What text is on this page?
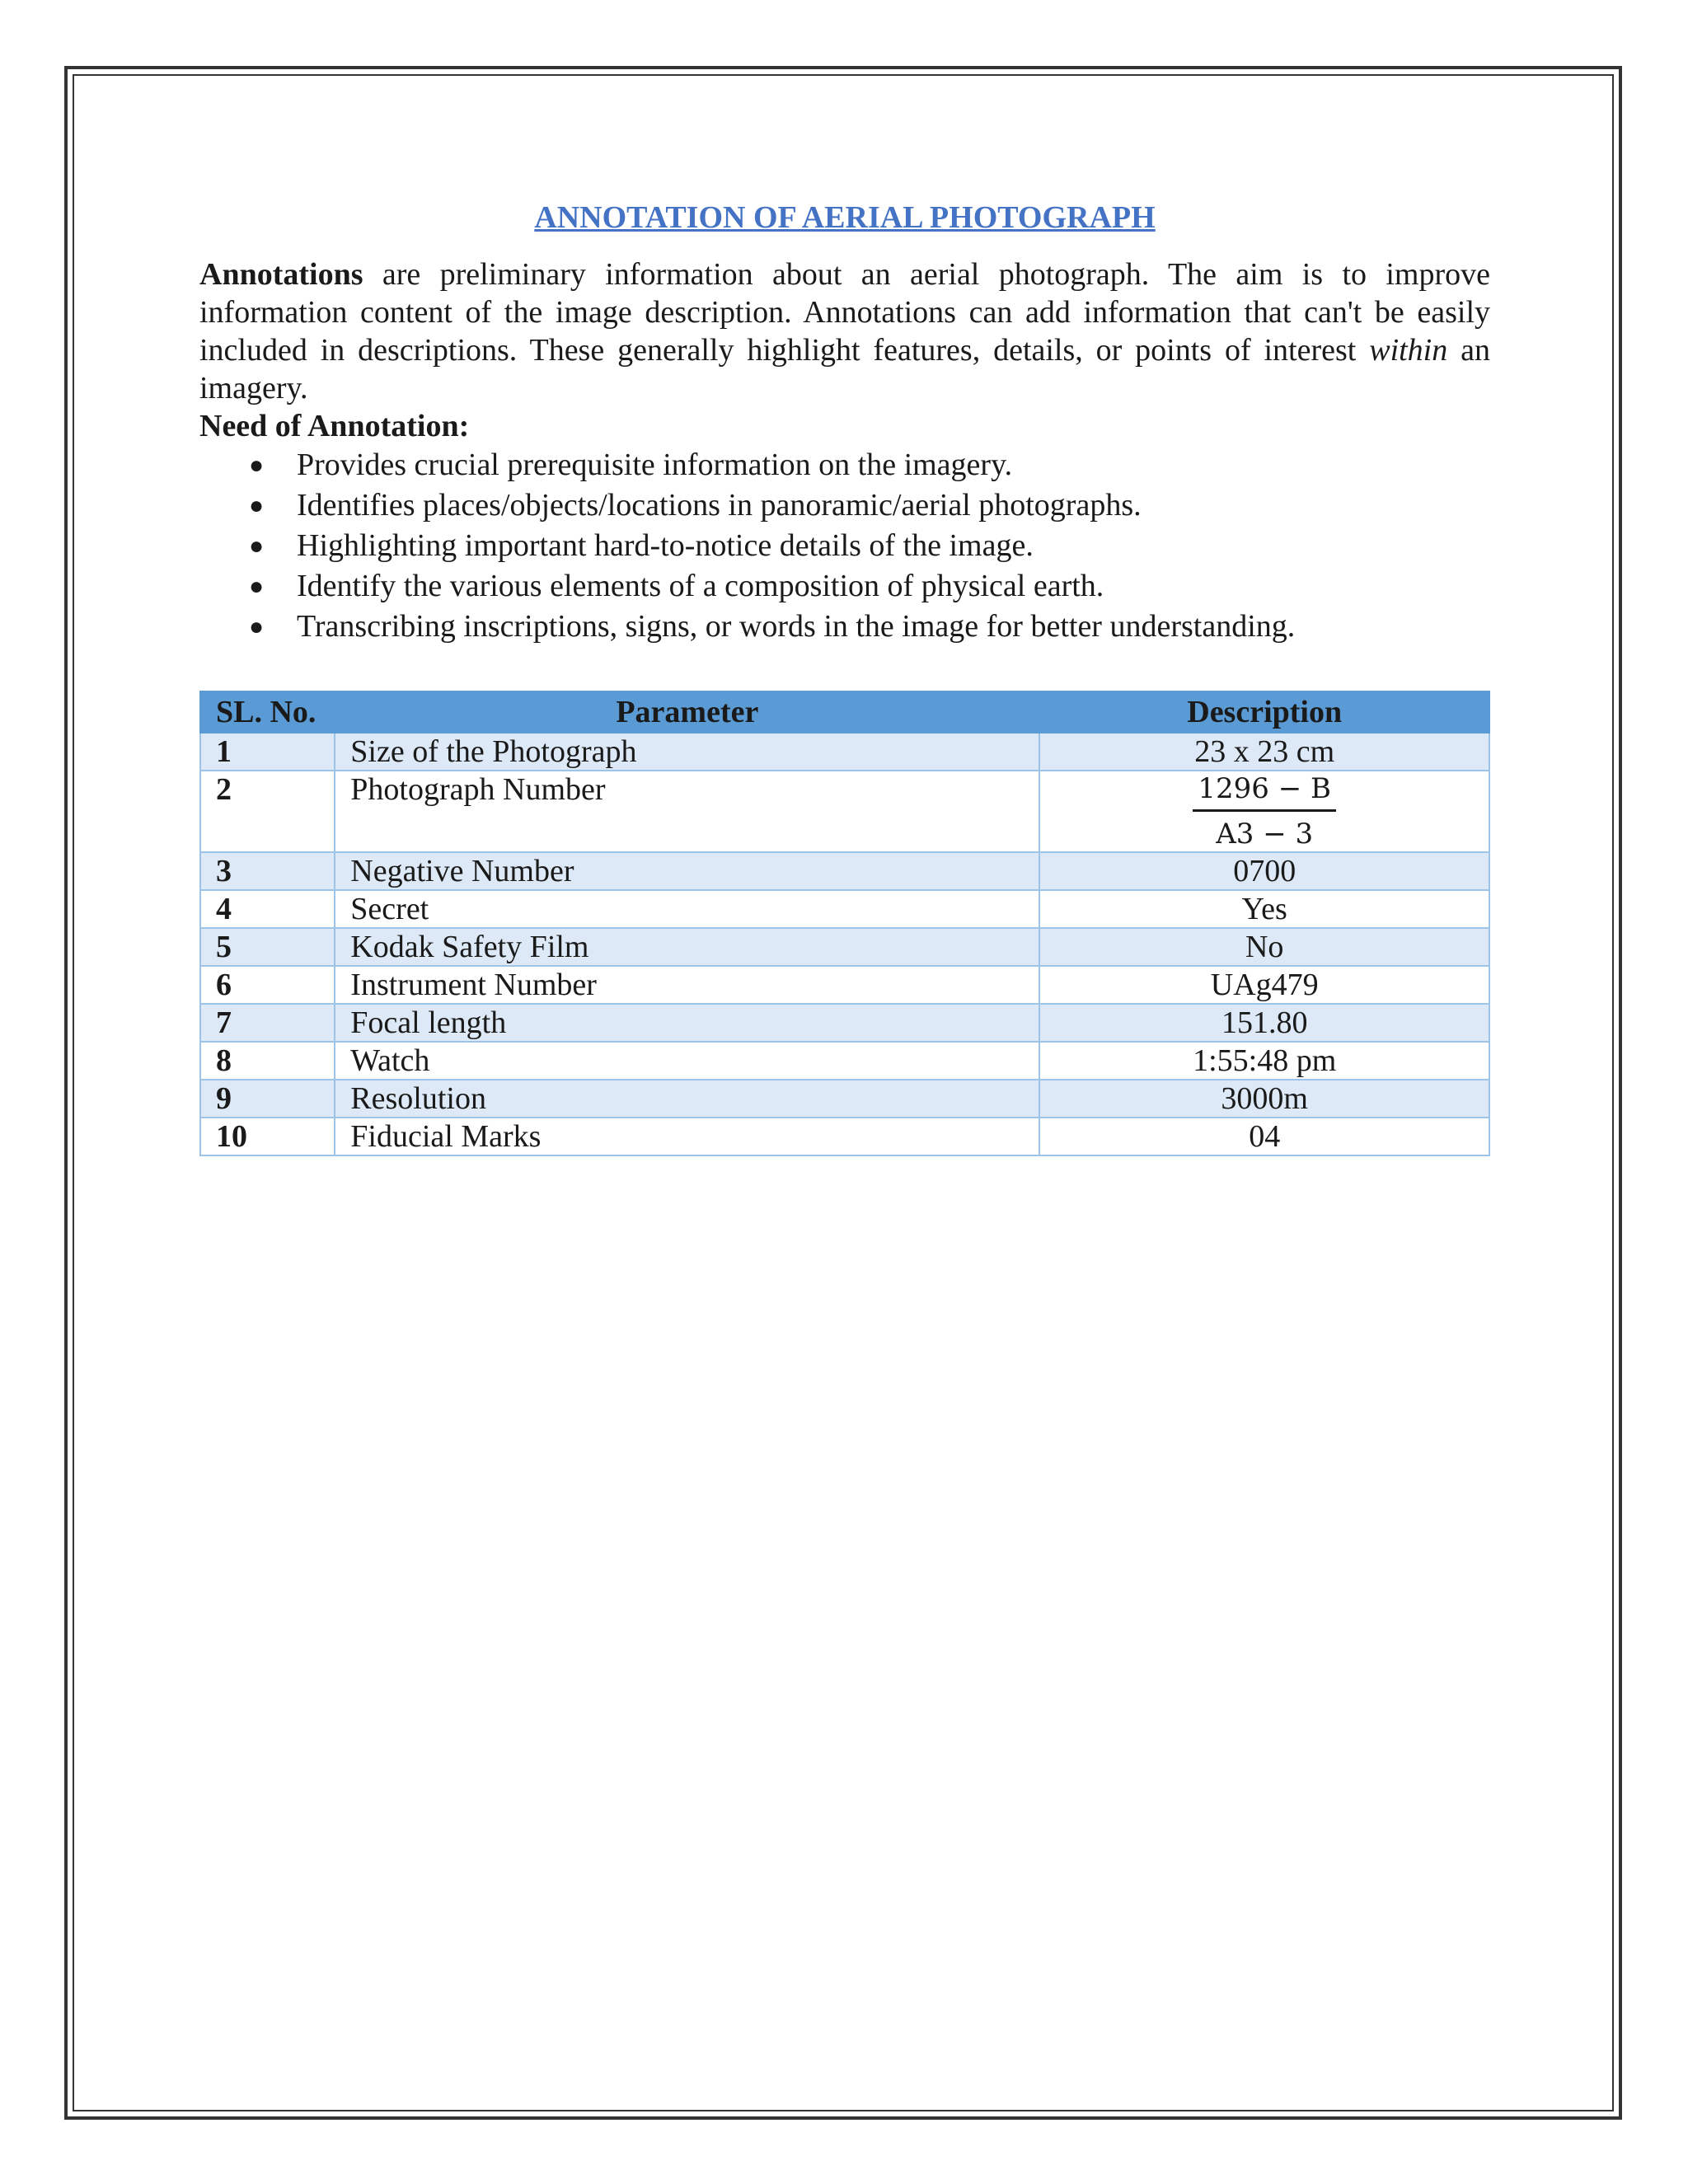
ANNOTATION OF AERIAL PHOTOGRAPH

Annotations are preliminary information about an aerial photograph. The aim is to improve information content of the image description. Annotations can add information that can't be easily included in descriptions. These generally highlight features, details, or points of interest within an imagery.

Need of Annotation:

● Provides crucial prerequisite information on the imagery.
● Identifies places/objects/locations in panoramic/aerial photographs.
● Highlighting important hard-to-notice details of the image.
● Identify the various elements of a composition of physical earth.
● Transcribing inscriptions, signs, or words in the image for better understanding.
SL. No.	Parameter	Description
1	Size of the Photograph	23 x 23 cm
2	Photograph Number	$\frac{1296 - B}{A3 - 3}$

3	Negative Number	0700
4	Secret	Yes
5	Kodak Safety Film	No
6	Instrument Number	UAg479
7	Focal length	151.80
8	Watch	1:55:48 pm
9	Resolution	3000m
10	Fiducial Marks	04
